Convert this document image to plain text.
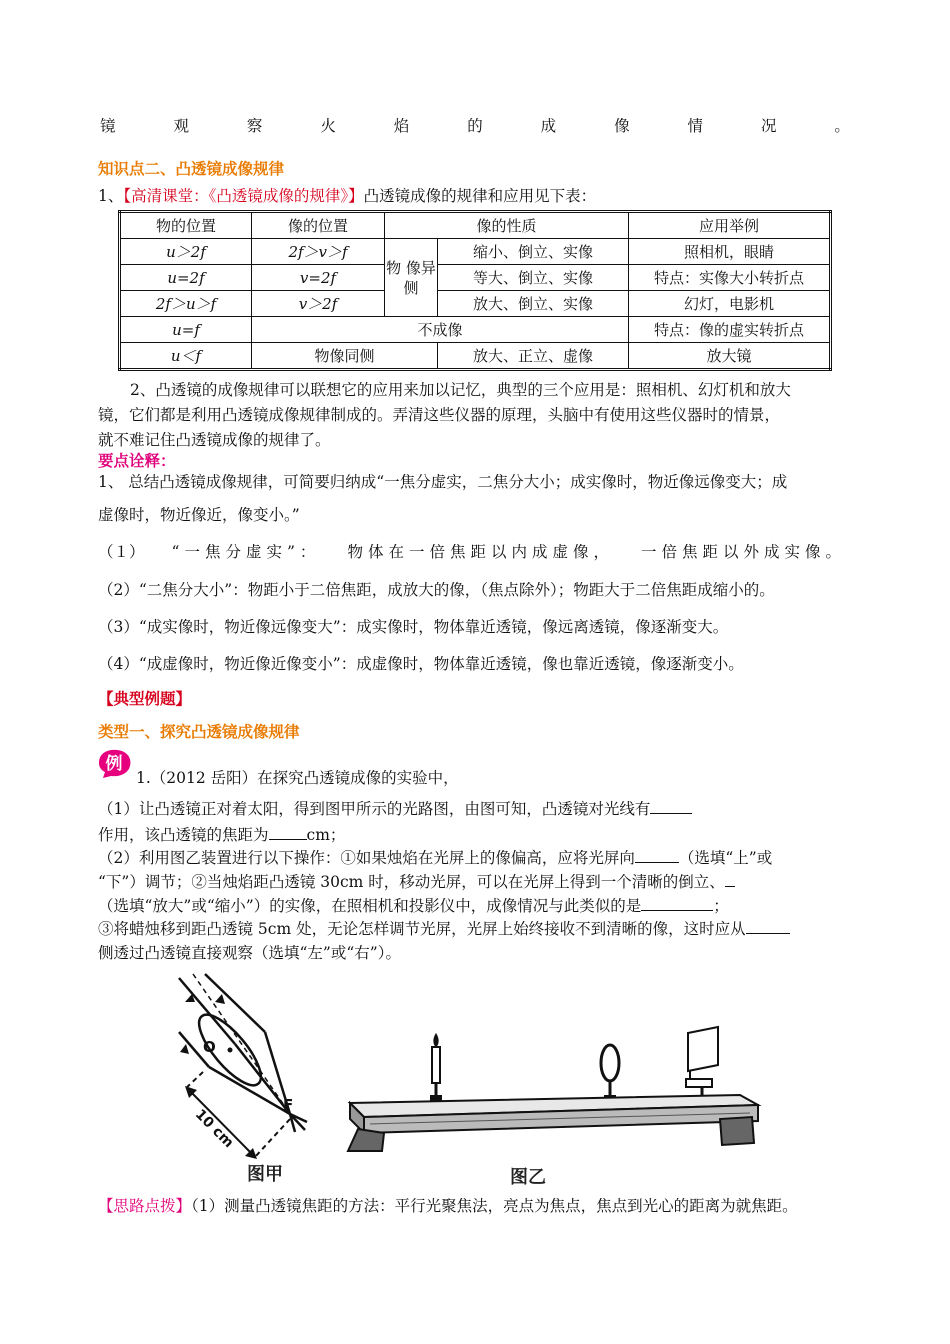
镜	观	察	火	焰	的	成	像	情	况	。
知识点二、凸透镜成像规律
1、【高清课堂：《凸透镜成像的规律》】凸透镜成像的规律和应用见下表：
物的位置	像的位置	像的性质		应用举例
u＞2f	2f＞v＞f	物 像异侧	缩小、倒立、实像	照相机，眼睛
u=2f	v=2f		等大、倒立、实像	特点：实像大小转折点
2f＞u＞f	v＞2f		放大、倒立、实像	幻灯，电影机
u=f	不成像			特点：像的虚实转折点
u＜f	物像同侧		放大、正立、虚像	放大镜
2、凸透镜的成像规律可以联想它的应用来加以记忆，典型的三个应用是：照相机、幻灯机和放大
镜，它们都是利用凸透镜成像规律制成的。弄清这些仪器的原理，头脑中有使用这些仪器时的情景，
就不难记住凸透镜成像的规律了。
要点诠释：
1、 总结凸透镜成像规律，可简要归纳成“一焦分虚实，二焦分大小；成实像时，物近像远像变大；成
虚像时，物近像近，像变小。”
（１） “一焦分虚实”： 物体在一倍焦距以内成虚像， 一倍焦距以外成实像。
（2）“二焦分大小”：物距小于二倍焦距，成放大的像，（焦点除外）；物距大于二倍焦距成缩小的。
（3）“成实像时，物近像远像变大”：成实像时，物体靠近透镜，像远离透镜，像逐渐变大。
（4）“成虚像时，物近像近像变小”：成虚像时，物体靠近透镜，像也靠近透镜，像逐渐变小。
【典型例题】
类型一、探究凸透镜成像规律
例
1.（2012 岳阳）在探究凸透镜成像的实验中，
（1）让凸透镜正对着太阳，得到图甲所示的光路图，由图可知，凸透镜对光线有
作用，该凸透镜的焦距为 cm；
（2）利用图乙装置进行以下操作：①如果烛焰在光屏上的像偏高，应将光屏向	（选填“上”或
“下”）调节；②当烛焰距凸透镜 30cm 时，移动光屏，可以在光屏上得到一个清晰的倒立、
（选填“放大”或“缩小”）的实像，在照相机和投影仪中，成像情况与此类似的是	；
③将蜡烛移到距凸透镜 5cm 处，无论怎样调节光屏，光屏上始终接收不到清晰的像，这时应从
侧透过凸透镜直接观察（选填“左”或“右”）。
O
F
10 cm
图甲	图乙
【思路点拨】（1）测量凸透镜焦距的方法：平行光聚焦法，亮点为焦点，焦点到光心的距离为就焦距。
